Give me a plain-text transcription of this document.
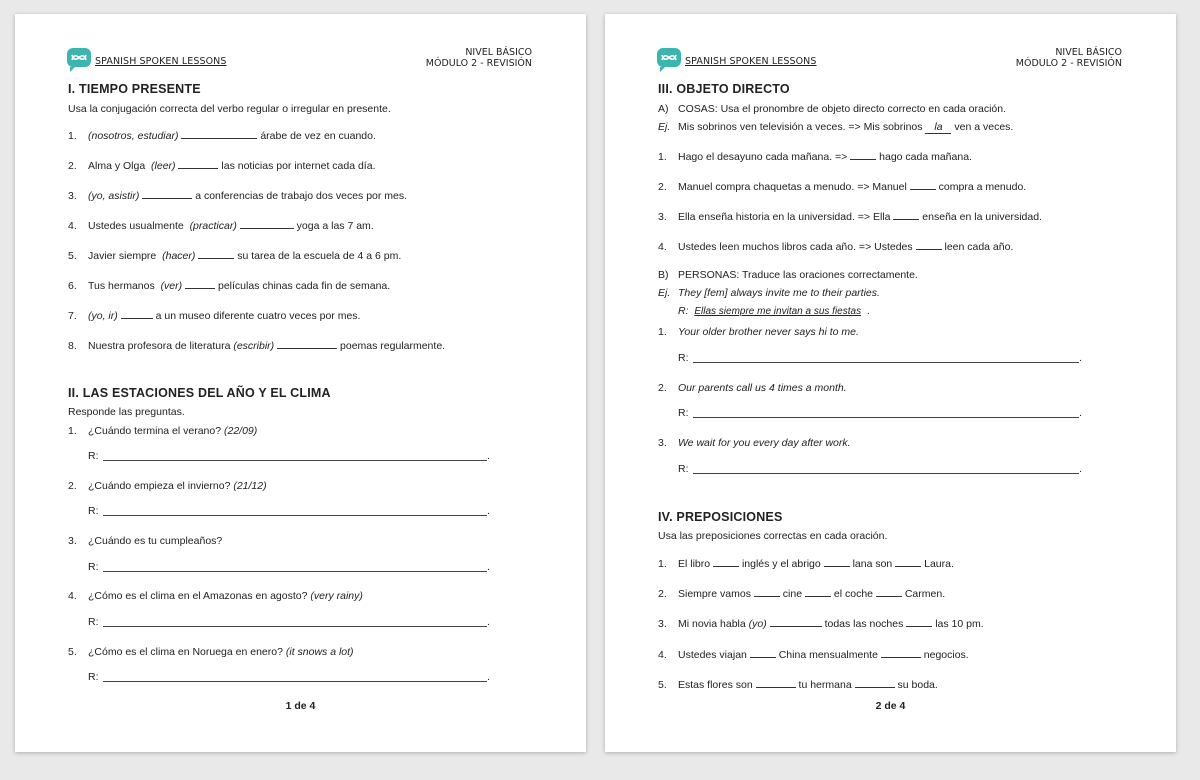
SPANISH SPOKEN LESSONS
NIVEL BÁSICO
MÓDULO 2 - REVISIÓN
I. TIEMPO PRESENTE
Usa la conjugación correcta del verbo regular o irregular en presente.
1. (nosotros, estudiar)	árabe de vez en cuando.
2. Alma y Olga  (leer)	las noticias por internet cada día.
3. (yo, asistir)	a conferencias de trabajo dos veces por mes.
4. Ustedes usualmente  (practicar)	yoga a las 7 am.
5. Javier siempre  (hacer)	su tarea de la escuela de 4 a 6 pm.
6. Tus hermanos  (ver)	películas chinas cada fin de semana.
7. (yo, ir)	a un museo diferente cuatro veces por mes.
8. Nuestra profesora de literatura (escribir)	poemas regularmente.
II. LAS ESTACIONES DEL AÑO Y EL CLIMA
Responde las preguntas.
1. ¿Cuándo termina el verano? (22/09)
R:	.
2. ¿Cuándo empieza el invierno? (21/12)
R:	.
3. ¿Cuándo es tu cumpleaños?
R:	.
4. ¿Cómo es el clima en el Amazonas en agosto? (very rainy)
R:	.
5. ¿Cómo es el clima en Noruega en enero? (it snows a lot)
R:	.
1 de 4
SPANISH SPOKEN LESSONS
NIVEL BÁSICO
MÓDULO 2 - REVISIÓN
III. OBJETO DIRECTO
A) COSAS: Usa el pronombre de objeto directo correcto en cada oración.
Ej. Mis sobrinos ven televisión a veces. => Mis sobrinos la ven a veces.
1. Hago el desayuno cada mañana. =>  hago cada mañana.
2. Manuel compra chaquetas a menudo. => Manuel  compra a menudo.
3. Ella enseña historia en la universidad. => Ella  enseña en la universidad.
4. Ustedes leen muchos libros cada año. => Ustedes  leen cada año.
B) PERSONAS: Traduce las oraciones correctamente.
Ej. They [fem] always invite me to their parties.
R: Ellas siempre me invitan a sus fiestas  .
1. Your older brother never says hi to me.
R:	.
2. Our parents call us 4 times a month.
R:	.
3. We wait for you every day after work.
R:	.
IV. PREPOSICIONES
Usa las preposiciones correctas en cada oración.
1. El libro	inglés y el abrigo	lana son	Laura.
2. Siempre vamos	cine	el coche	Carmen.
3. Mi novia habla (yo)	todas las noches	las 10 pm.
4. Ustedes viajan	China mensualmente	negocios.
5. Estas flores son	tu hermana	su boda.
2 de 4
